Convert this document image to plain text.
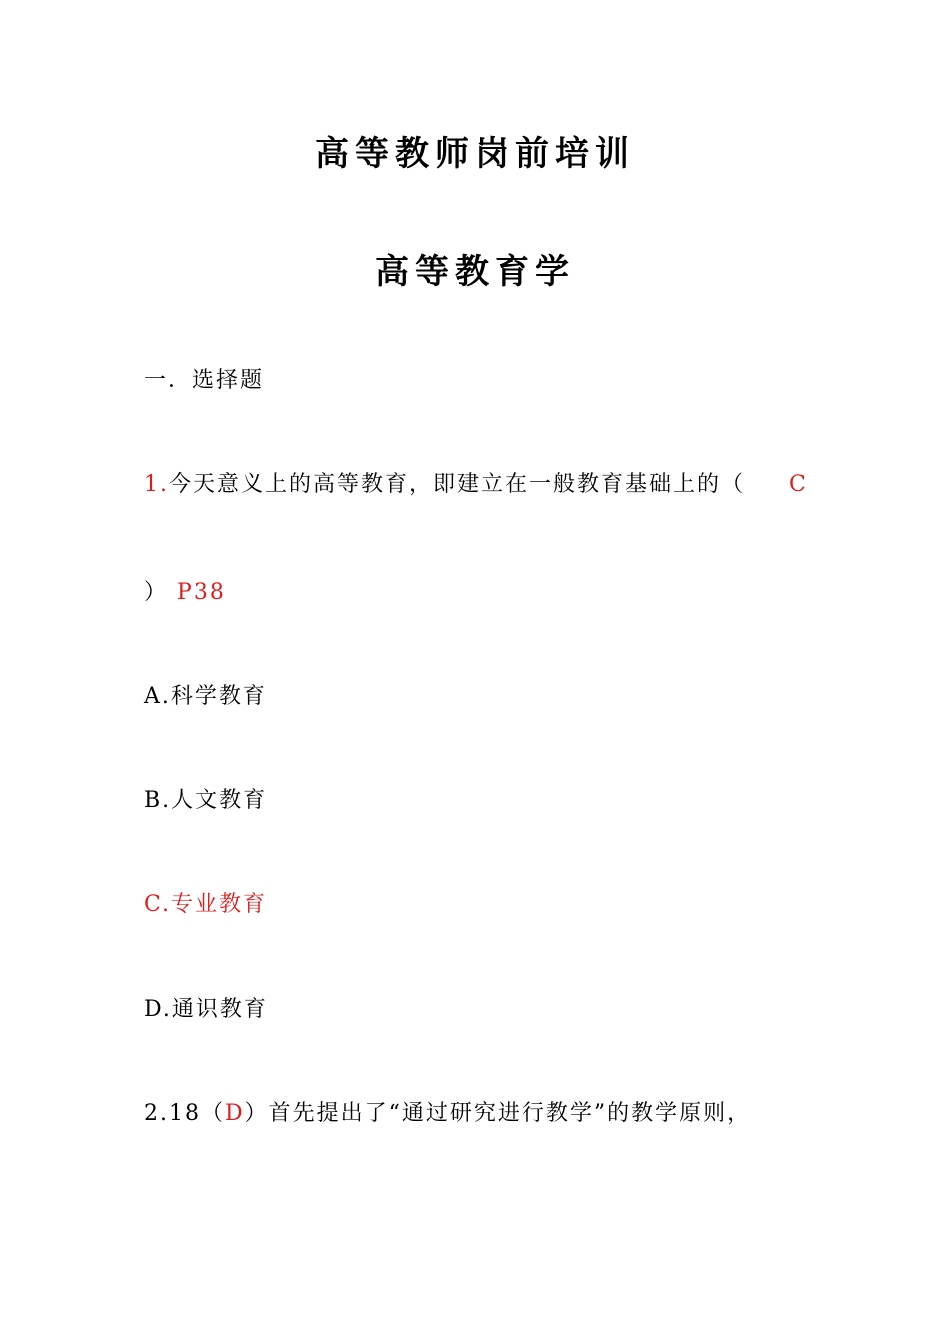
高等教师岗前培训
高等教育学
一．选择题
1.今天意义上的高等教育，即建立在一般教育基础上的（ C
） P38
A.科学教育
B.人文教育
C.专业教育
D.通识教育
2.18（D）首先提出了“通过研究进行教学”的教学原则，
